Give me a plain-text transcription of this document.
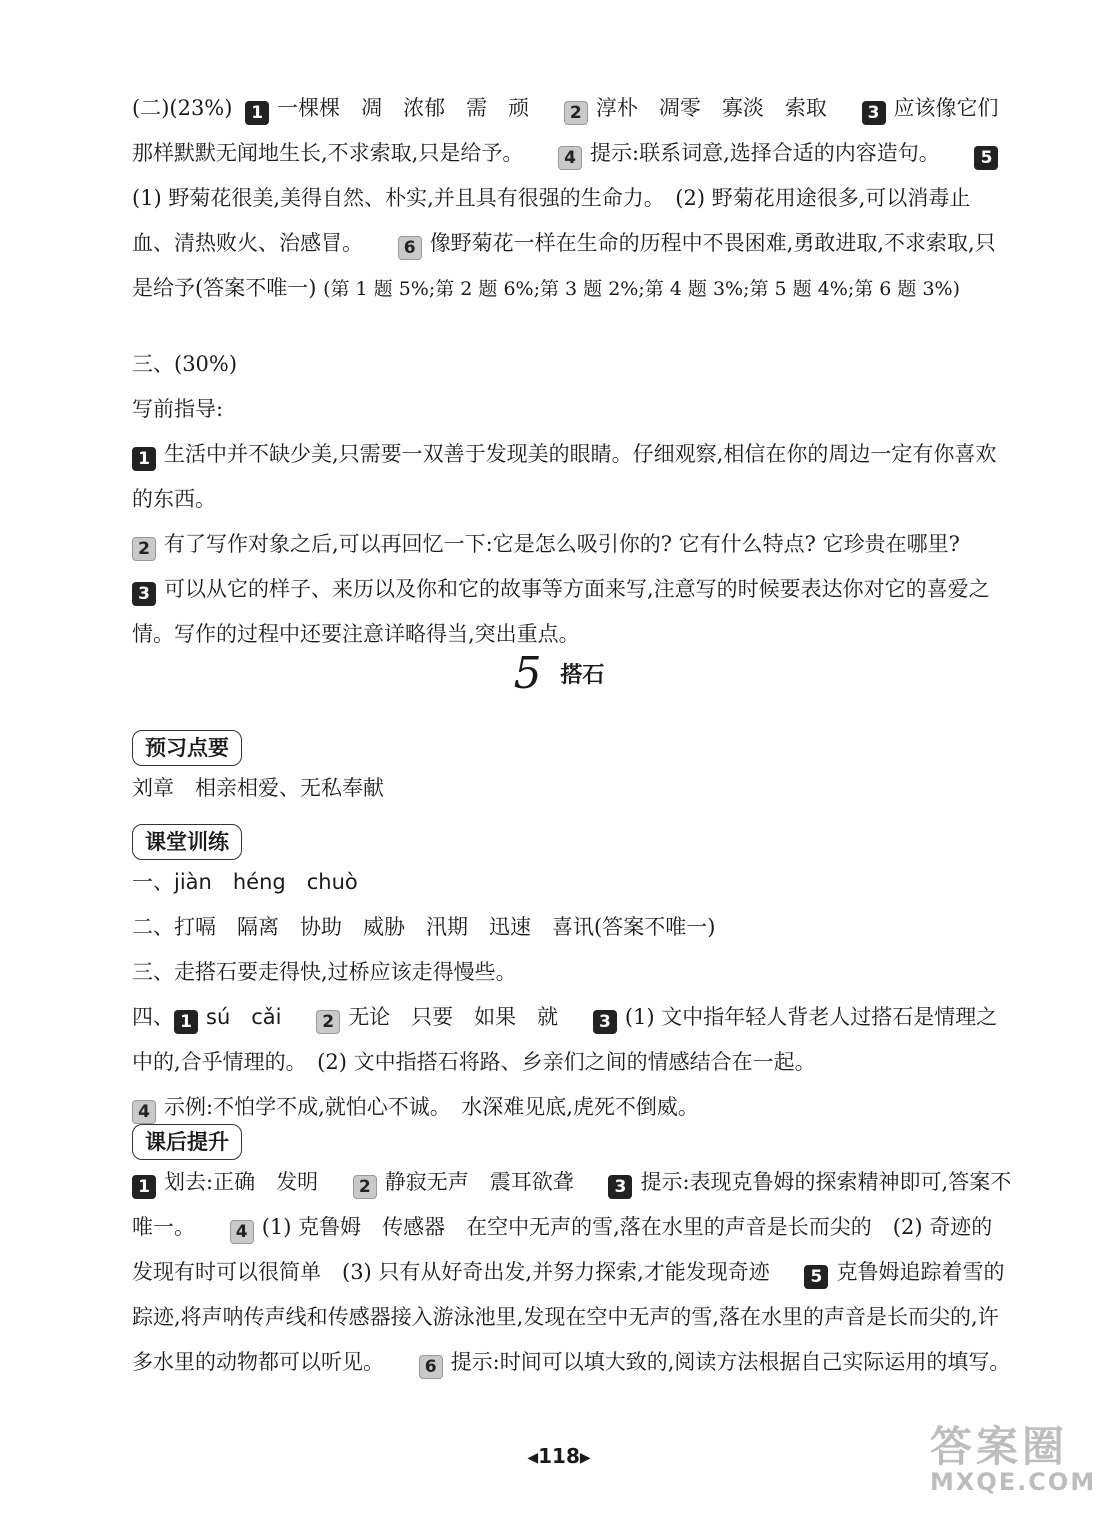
(二)(23%) 1 一棵棵　凋　浓郁　需　顽 2 淳朴　凋零　寡淡　索取 3 应该像它们那样默默无闻地生长,不求索取,只是给予。 4 提示:联系词意,选择合适的内容造句。 5(1) 野菊花很美,美得自然、朴实,并且具有很强的生命力。　(2) 野菊花用途很多,可以消毒止血、清热败火、治感冒。 6 像野菊花一样在生命的历程中不畏困难,勇敢进取,不求索取,只是给予(答案不唯一) (第 1 题 5%;第 2 题 6%;第 3 题 2%;第 4 题 3%;第 5 题 4%;第 6 题 3%)
三、(30%)
写前指导:
1 生活中并不缺少美,只需要一双善于发现美的眼睛。仔细观察,相信在你的周边一定有你喜欢的东西。
2 有了写作对象之后,可以再回忆一下:它是怎么吸引你的? 它有什么特点? 它珍贵在哪里?
3 可以从它的样子、来历以及你和它的故事等方面来写,注意写的时候要表达你对它的喜爱之情。写作的过程中还要注意详略得当,突出重点。
5 搭石
预习点要
刘章　相亲相爱、无私奉献
课堂训练
一、jiàn　héng　chuò
二、打嗝　隔离　协助　威胁　汛期　迅速　喜讯(答案不唯一)
三、走搭石要走得快,过桥应该走得慢些。
四、 1 sú　cǎi 2 无论　只要　如果　就 3 (1) 文中指年轻人背老人过搭石是情理之中的,合乎情理的。　(2) 文中指搭石将路、乡亲们之间的情感结合在一起。
4 示例:不怕学不成,就怕心不诚。　水深难见底,虎死不倒威。
课后提升
1 划去:正确　发明 2 静寂无声　震耳欲聋 3 提示:表现克鲁姆的探索精神即可,答案不唯一。 4 (1) 克鲁姆　传感器　在空中无声的雪,落在水里的声音是长而尖的　(2) 奇迹的发现有时可以很简单　(3) 只有从好奇出发,并努力探索,才能发现奇迹 5 克鲁姆追踪着雪的踪迹,将声呐传声线和传感器接入游泳池里,发现在空中无声的雪,落在水里的声音是长而尖的,许多水里的动物都可以听见。 6 提示:时间可以填大致的,阅读方法根据自己实际运用的填写。
◀118▶	答案圈
MXQE.COM
